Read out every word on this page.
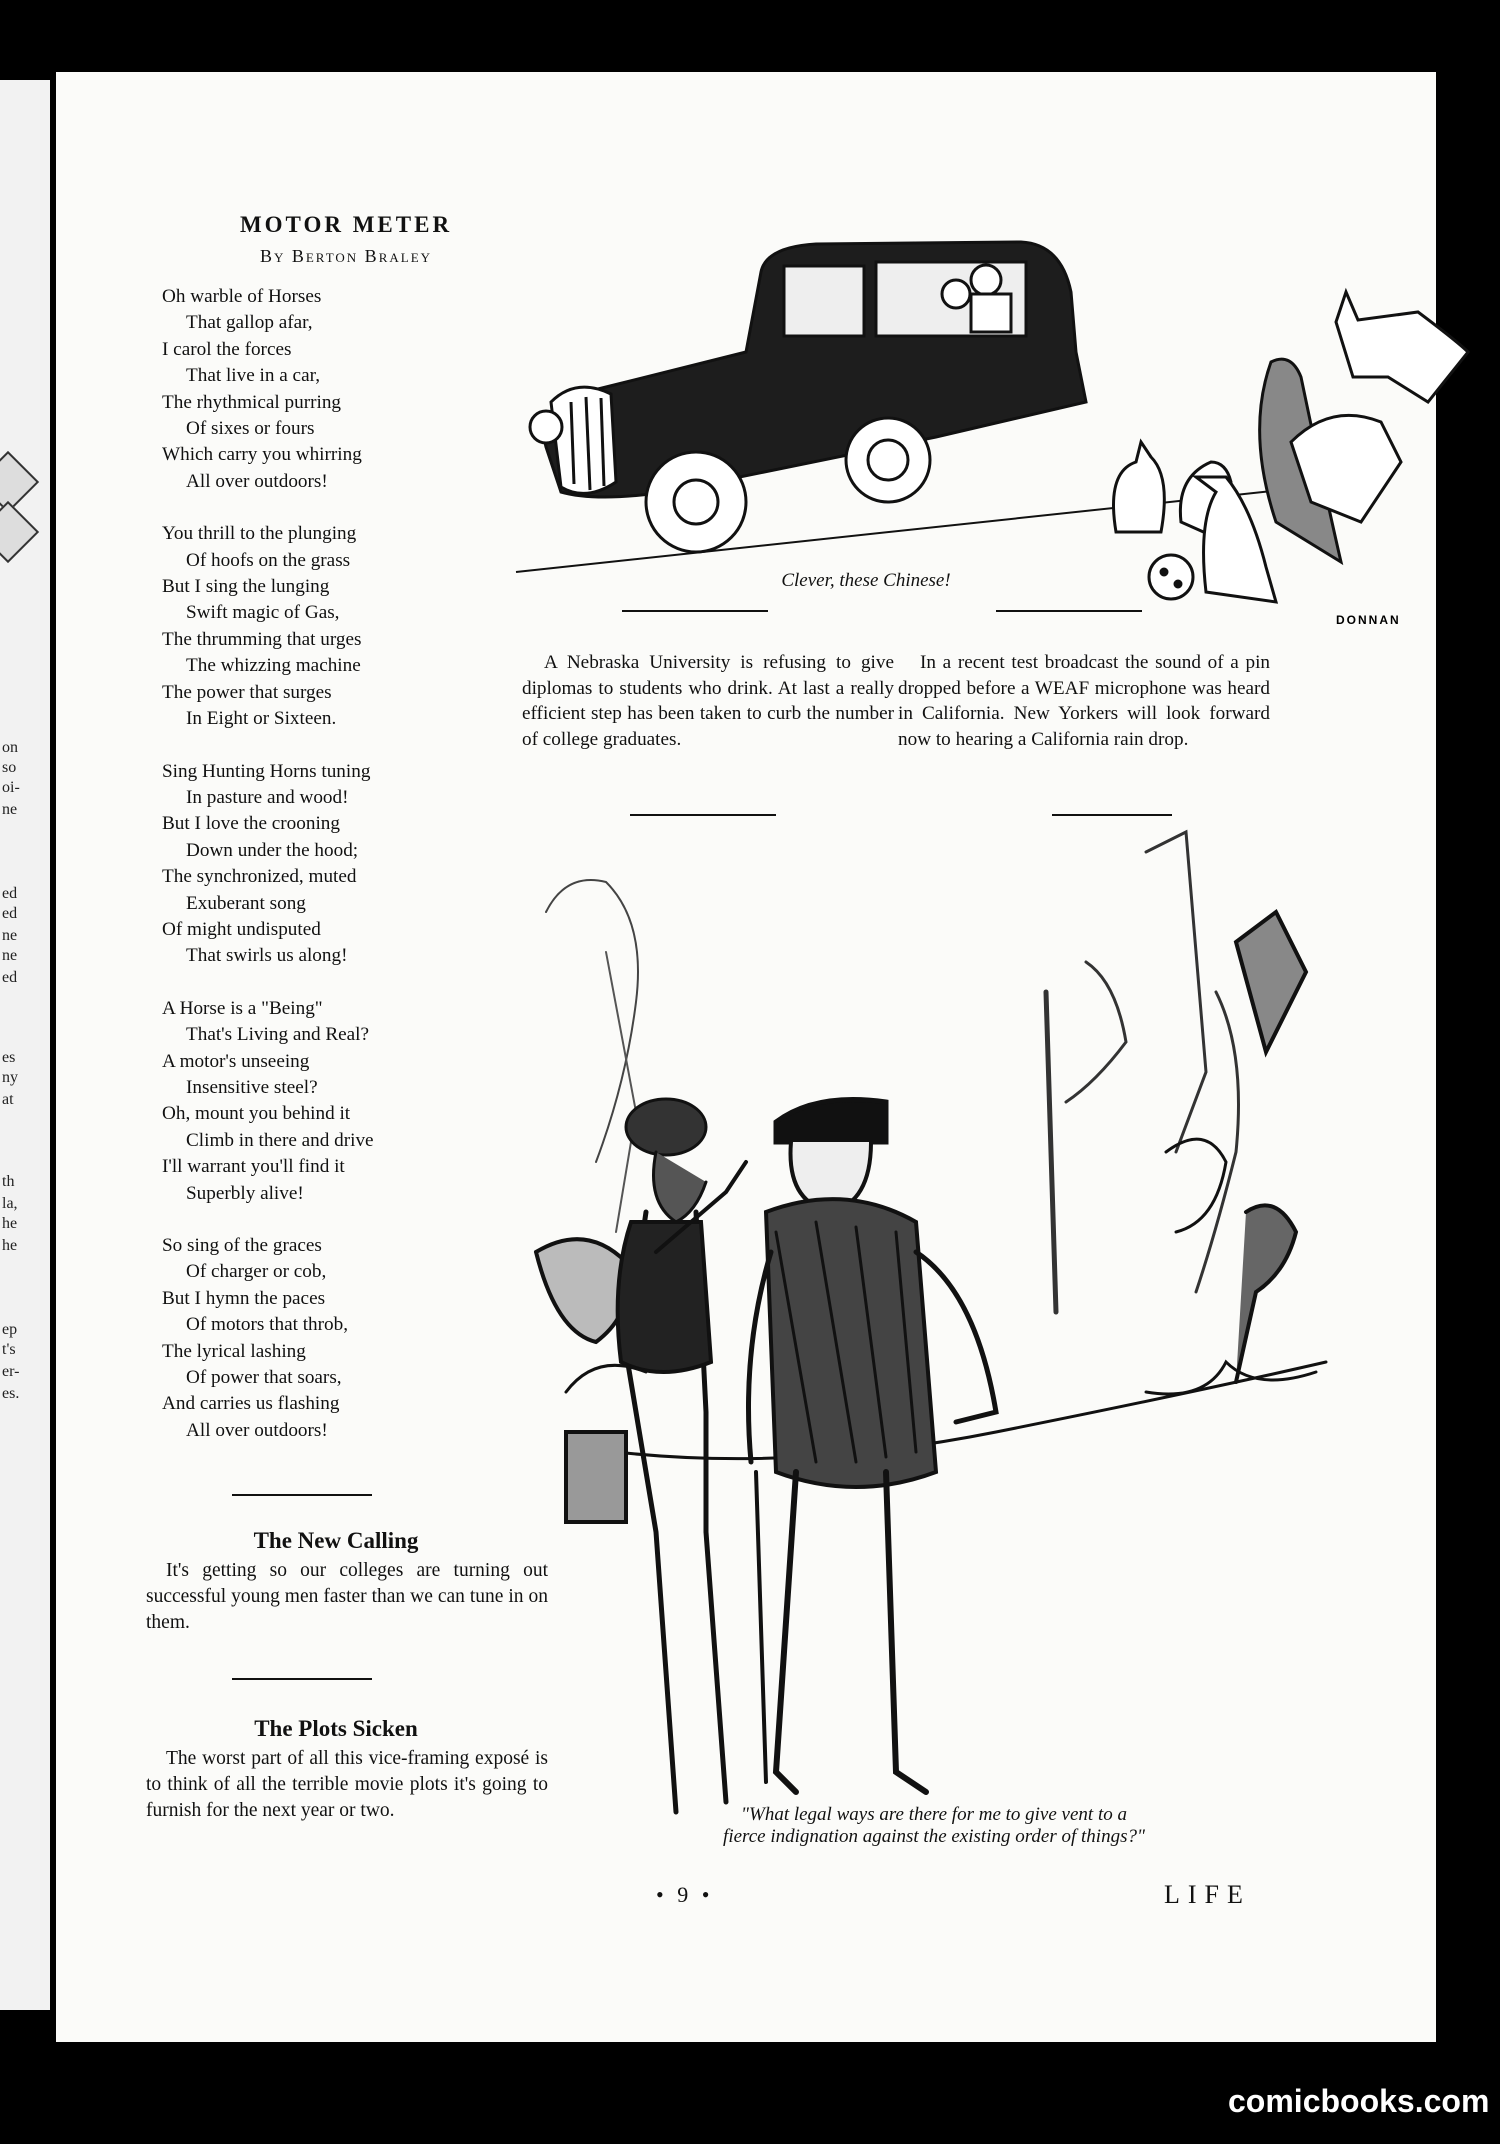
on
so
oi-
ne
ed
ed
ne
ne
ed
es
ny
at
th
la,
he
he
ep
t's
er-
es.
MOTOR METER
By Berton Braley
Oh warble of Horses
That gallop afar,
I carol the forces
That live in a car,
The rhythmical purring
Of sixes or fours
Which carry you whirring
All over outdoors!
You thrill to the plunging
Of hoofs on the grass
But I sing the lunging
Swift magic of Gas,
The thrumming that urges
The whizzing machine
The power that surges
In Eight or Sixteen.
Sing Hunting Horns tuning
In pasture and wood!
But I love the crooning
Down under the hood;
The synchronized, muted
Exuberant song
Of might undisputed
That swirls us along!
A Horse is a "Being"
That's Living and Real?
A motor's unseeing
Insensitive steel?
Oh, mount you behind it
Climb in there and drive
I'll warrant you'll find it
Superbly alive!
So sing of the graces
Of charger or cob,
But I hymn the paces
Of motors that throb,
The lyrical lashing
Of power that soars,
And carries us flashing
All over outdoors!
The New Calling
It's getting so our colleges are turning out successful young men faster than we can tune in on them.
The Plots Sicken
The worst part of all this vice-framing exposé is to think of all the terrible movie plots it's going to furnish for the next year or two.
DONNAN
Clever, these Chinese!

A Nebraska University is refusing to give diplomas to students who drink. At last a really efficient step has been taken to curb the number of college graduates.

In a recent test broadcast the sound of a pin dropped before a WEAF microphone was heard in California. New Yorkers will look forward now to hearing a California rain drop.

"What legal ways are there for me to give vent to a
fierce indignation against the existing order of things?"
• 9 •	LIFE
comicbooks.com
